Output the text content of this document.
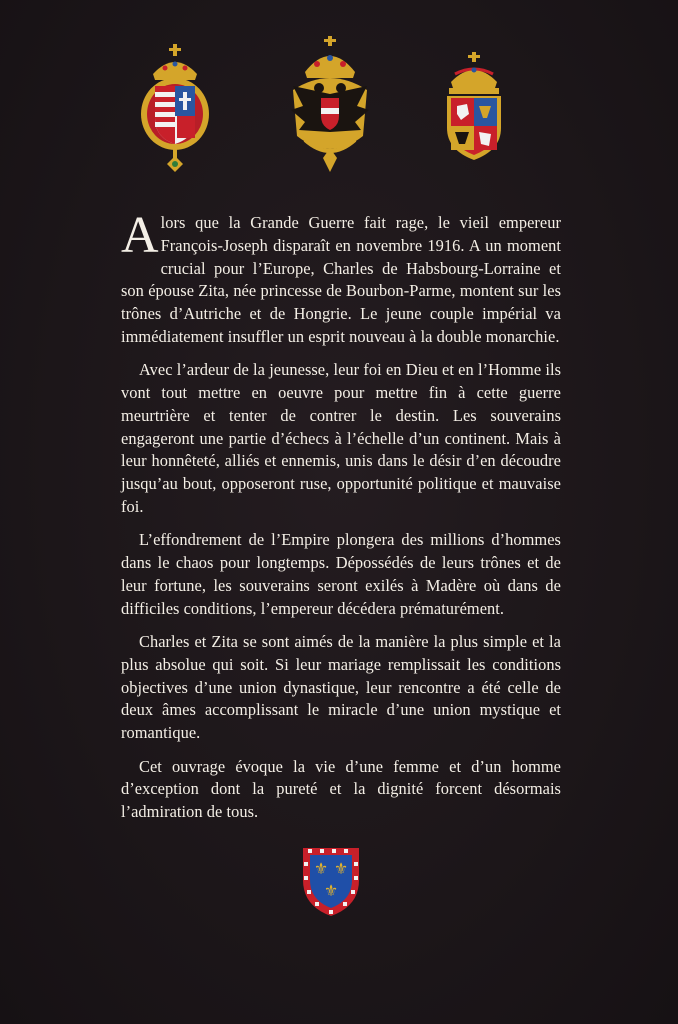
Alors que la Grande Guerre fait rage, le vieil empereur François-Joseph disparaît en novembre 1916. A un moment crucial pour l’Europe, Charles de Habsbourg-Lorraine et son épouse Zita, née princesse de Bourbon-Parme, montent sur les trônes d’Autriche et de Hongrie. Le jeune couple impérial va immédiatement insuffler un esprit nouveau à la double monarchie.

Avec l’ardeur de la jeunesse, leur foi en Dieu et en l’Homme ils vont tout mettre en oeuvre pour mettre fin à cette guerre meurtrière et tenter de contrer le destin. Les souverains engageront une partie d’échecs à l’échelle d’un continent. Mais à leur honnêteté, alliés et ennemis, unis dans le désir d’en découdre jusqu’au bout, opposeront ruse, opportunité politique et mauvaise foi.

L’effondrement de l’Empire plongera des millions d’hommes dans le chaos pour longtemps. Dépossédés de leurs trônes et de leur fortune, les souverains seront exilés à Madère où dans de difficiles conditions, l’empereur décédera prématurément.

Charles et Zita se sont aimés de la manière la plus simple et la plus absolue qui soit. Si leur mariage remplissait les conditions objectives d’une union dynastique, leur rencontre a été celle de deux âmes accomplissant le miracle d’une union mystique et romantique.

Cet ouvrage évoque la vie d’une femme et d’un homme d’exception dont la pureté et la dignité forcent désormais l’admiration de tous.

⚜ ⚜
⚜
